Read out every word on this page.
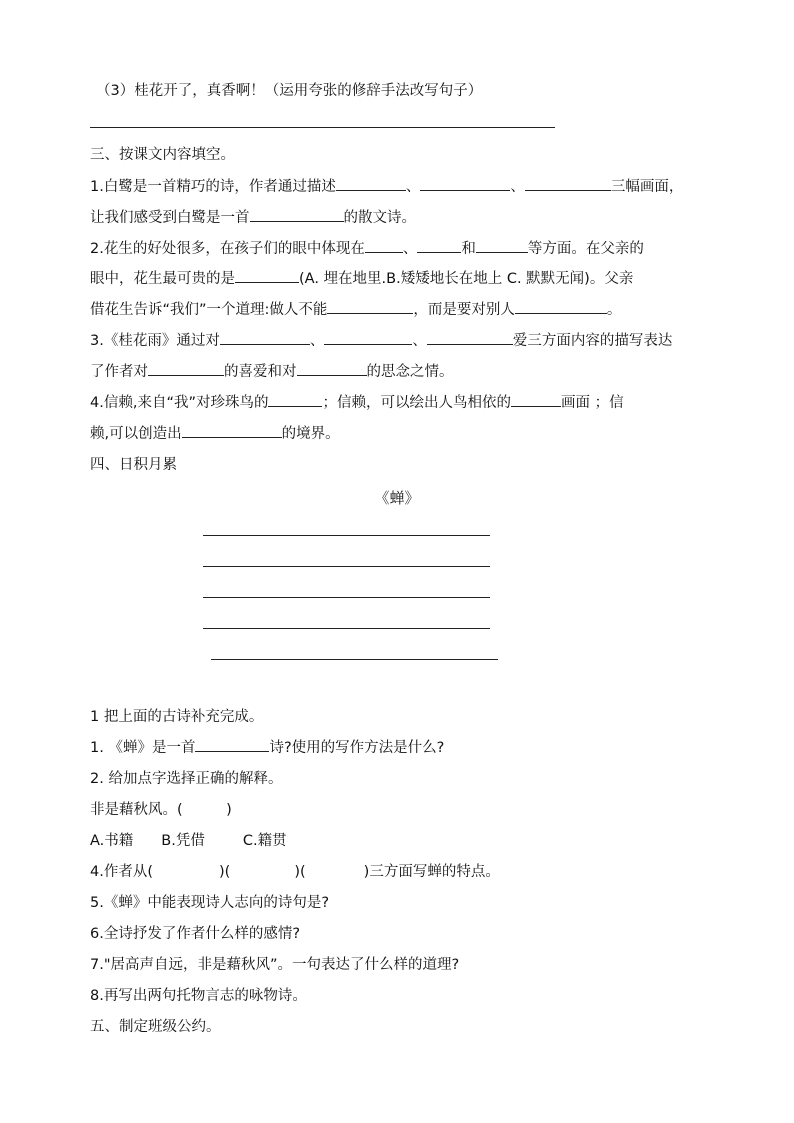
（3）桂花开了，真香啊！（运用夸张的修辞手法改写句子）
三、按课文内容填空。
1.白鹭是一首精巧的诗，作者通过描述	、	、	三幅画面，
让我们感受到白鹭是一首	的散文诗。
2.花生的好处很多，在孩子们的眼中体现在	、	和	等方面。在父亲的
眼中，花生最可贵的是	(A. 埋在地里.B.矮矮地长在地上 C. 默默无闻)。父亲
借花生告诉“我们”一个道理:做人不能	，而是要对别人	。
3.《桂花雨》通过对	、	、	爱三方面内容的描写表达
了作者对	的喜爱和对	的思念之情。
4.信赖,来自“我”对珍珠鸟的	；信赖，可以绘出人鸟相依的	画面 ；信
赖,可以创造出	的境界。
四、日积月累
《蝉》
1 把上面的古诗补充完成。
1. 《蝉》是一首	诗?使用的写作方法是什么?
2. 给加点字选择正确的解释。
非是藉秋风。(　　　)
A.书籍 B.凭借	C.籍贯
4.作者从(	)(	)(	)三方面写蝉的特点。
5.《蝉》中能表现诗人志向的诗句是?
6.全诗抒发了作者什么样的感情?
7."居高声自远，非是藉秋风”。一句表达了什么样的道理?
8.再写出两句托物言志的咏物诗。
五、制定班级公约。
